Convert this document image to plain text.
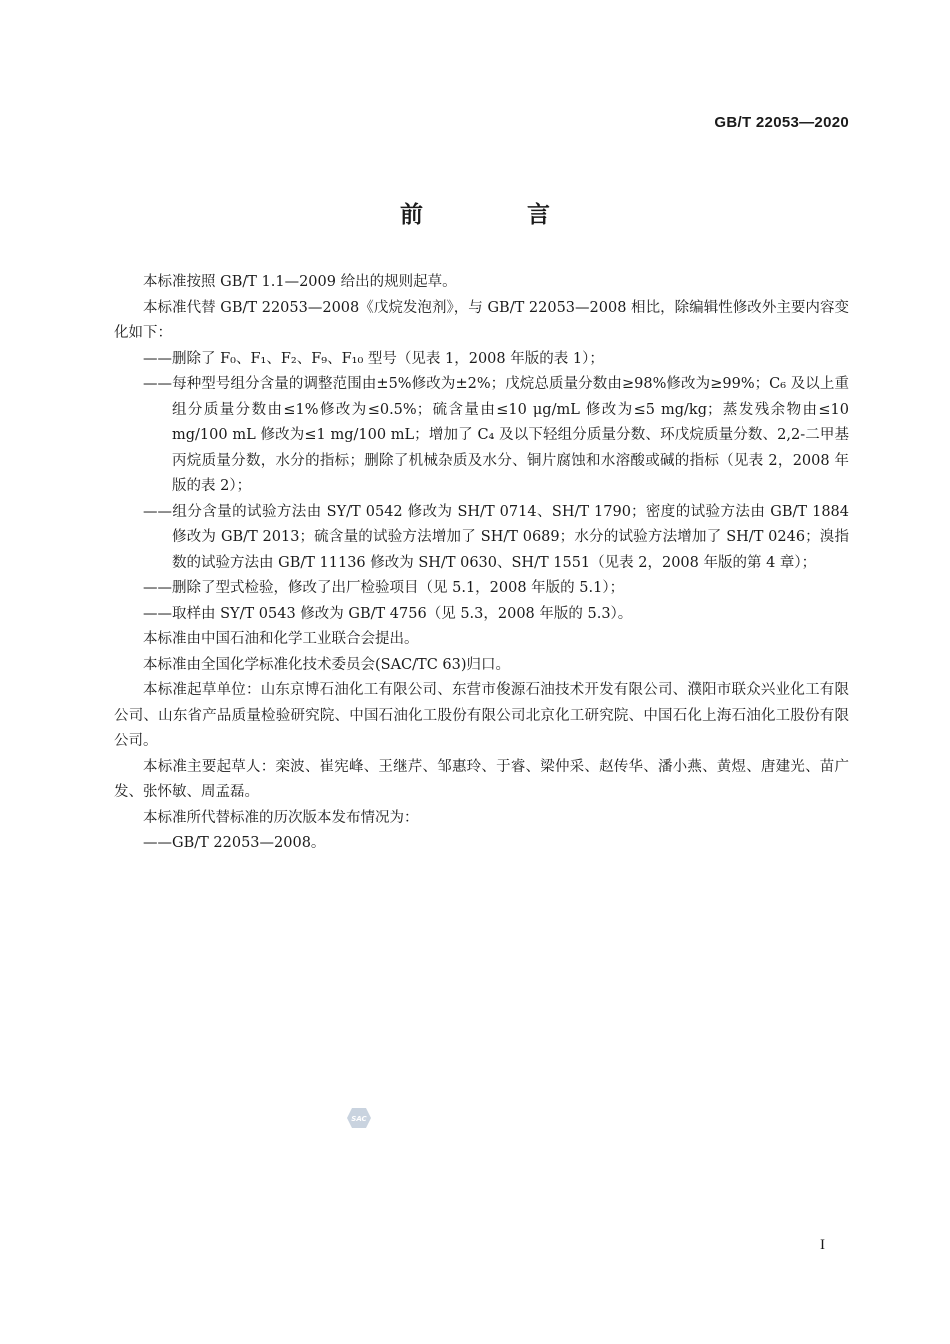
GB/T 22053—2020
前 言

本标准按照 GB/T 1.1—2009 给出的规则起草。

本标准代替 GB/T 22053—2008《戊烷发泡剂》，与 GB/T 22053—2008 相比，除编辑性修改外主要内容变化如下：

——删除了 F₀、F₁、F₂、F₉、F₁₀ 型号（见表 1，2008 年版的表 1）；

——每种型号组分含量的调整范围由±5%修改为±2%；戊烷总质量分数由≥98%修改为≥99%；C₆ 及以上重组分质量分数由≤1%修改为≤0.5%；硫含量由≤10 μg/mL 修改为≤5 mg/kg；蒸发残余物由≤10 mg/100 mL 修改为≤1 mg/100 mL；增加了 C₄ 及以下轻组分质量分数、环戊烷质量分数、2,2-二甲基丙烷质量分数，水分的指标；删除了机械杂质及水分、铜片腐蚀和水溶酸或碱的指标（见表 2，2008 年版的表 2）；

——组分含量的试验方法由 SY/T 0542 修改为 SH/T 0714、SH/T 1790；密度的试验方法由 GB/T 1884 修改为 GB/T 2013；硫含量的试验方法增加了 SH/T 0689；水分的试验方法增加了 SH/T 0246；溴指数的试验方法由 GB/T 11136 修改为 SH/T 0630、SH/T 1551（见表 2，2008 年版的第 4 章）；

——删除了型式检验，修改了出厂检验项目（见 5.1，2008 年版的 5.1）；

——取样由 SY/T 0543 修改为 GB/T 4756（见 5.3，2008 年版的 5.3）。

本标准由中国石油和化学工业联合会提出。

本标准由全国化学标准化技术委员会(SAC/TC 63)归口。

本标准起草单位：山东京博石油化工有限公司、东营市俊源石油技术开发有限公司、濮阳市联众兴业化工有限公司、山东省产品质量检验研究院、中国石油化工股份有限公司北京化工研究院、中国石化上海石油化工股份有限公司。

本标准主要起草人：栾波、崔宪峰、王继芹、邹惠玲、于睿、梁仲采、赵传华、潘小燕、黄煜、唐建光、苗广发、张怀敏、周孟磊。

本标准所代替标准的历次版本发布情况为：

——GB/T 22053—2008。

SAC
I
